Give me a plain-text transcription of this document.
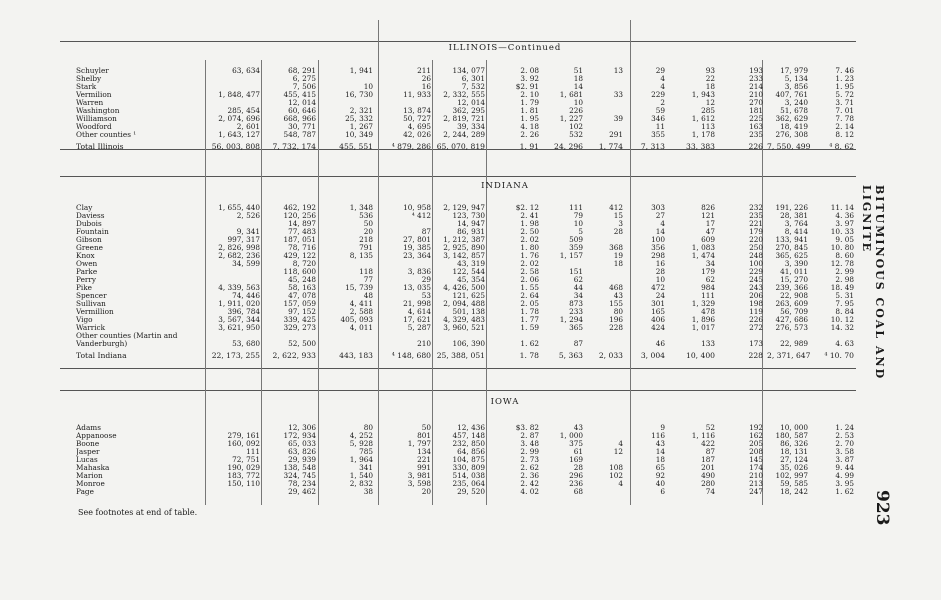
ILLINOIS—Continued
INDIANA
IOWA
Schuyler	63, 634	68, 291	1, 941	211	134, 077	2. 08	51	13	29	93	193	17, 979	7. 46
Shelby		6, 275		26	6, 301	3. 92	18		4	22	233	5, 134	1. 23
Stark		7, 506	10	16	7, 532	$2. 91	14		4	18	214	3, 856	1. 95
Vermilion	1, 848, 477	455, 415	16, 730	11, 933	2, 332, 555	2. 10	1, 681	33	229	1, 943	210	407, 761	5. 72
Warren		12, 014			12, 014	1. 79	10		2	12	270	3, 240	3. 71
Washington	285, 454	60, 646	2, 321	13, 874	362, 295	1. 81	226		59	285	181	51, 678	7. 01
Williamson	2, 074, 696	668, 966	25, 332	50, 727	2, 819, 721	1. 95	1, 227	39	346	1, 612	225	362, 629	7. 78
Woodford	2, 601	30, 771	1, 267	4, 695	39, 334	4. 18	102		11	113	163	18, 419	2. 14
Other counties ¹	1, 643, 127	548, 787	10, 349	42, 026	2, 244, 289	2. 26	532	291	355	1, 178	235	276, 308	8. 12
Total Illinois	56, 003, 808	7, 732, 174	455, 551	⁴ 879, 286	65, 070, 819	1. 91	24, 296	1, 774	7, 313	33, 383	226	7, 550, 499	⁴ 8. 62
Clay	1, 655, 440	462, 192	1, 348	10, 958	2, 129, 947	$2. 12	111	412	303	826	232	191, 226	11. 14
Daviess	2, 526	120, 256	536	⁴ 412	123, 730	2. 41	79	15	27	121	235	28, 381	4. 36
Dubois		14, 897	50		14, 947	1. 98	10	3	4	17	221	3, 764	3. 97
Fountain	9, 341	77, 483	20	87	86, 931	2. 50	5	28	14	47	179	8, 414	10. 33
Gibson	997, 317	187, 051	218	27, 801	1, 212, 387	2. 02	509		100	609	220	133, 941	9. 05
Greene	2, 826, 998	78, 716	791	19, 385	2, 925, 890	1. 80	359	368	356	1, 083	250	270, 845	10. 80
Knox	2, 682, 236	429, 122	8, 135	23, 364	3, 142, 857	1. 76	1, 157	19	298	1, 474	248	365, 625	8. 60
Owen	34, 599	8, 720			43, 319	2. 02		18	16	34	100	3, 390	12. 78
Parke		118, 600	118	3, 836	122, 544	2. 58	151		28	179	229	41, 011	2. 99
Perry		45, 248	77	29	45, 354	2. 06	62		10	62	245	15, 270	2. 98
Pike	4, 339, 563	58, 163	15, 739	13, 035	4, 426, 500	1. 55	44	468	472	984	243	239, 366	18. 49
Spencer	74, 446	47, 078	48	53	121, 625	2. 64	34	43	24	111	206	22, 908	5. 31
Sullivan	1, 911, 020	157, 059	4, 411	21, 998	2, 094, 488	2. 05	873	155	301	1, 329	198	263, 609	7. 95
Vermillion	396, 784	97, 152	2, 588	4, 614	501, 138	1. 78	233	80	165	478	119	56, 709	8. 84
Vigo	3, 567, 344	339, 425	405, 093	17, 621	4, 329, 483	1. 77	1, 294	196	406	1, 896	226	427, 686	10. 12
Warrick	3, 621, 950	329, 273	4, 011	5, 287	3, 960, 521	1. 59	365	228	424	1, 017	272	276, 573	14. 32
Other counties (Martin and													
Vanderburgh)	53, 680	52, 500		210	106, 390	1. 62	87		46	133	173	22, 989	4. 63
Total Indiana	22, 173, 255	2, 622, 933	443, 183	⁴ 148, 680	25, 388, 051	1. 78	5, 363	2, 033	3, 004	10, 400	228	2, 371, 647	⁴ 10. 70
Adams		12, 306	80	50	12, 436	$3. 82	43		9	52	192	10, 000	1. 24
Appanoose	279, 161	172, 934	4, 252	801	457, 148	2. 87	1, 000		116	1, 116	162	180, 587	2. 53
Boone	160, 092	65, 033	5, 928	1, 797	232, 850	3. 48	375	4	43	422	205	86, 326	2. 70
Jasper	111	63, 826	785	134	64, 856	2. 99	61	12	14	87	208	18, 131	3. 58
Lucas	72, 751	29, 939	1, 964	221	104, 875	2. 73	169		18	187	145	27, 124	3. 87
Mahaska	190, 029	138, 548	341	991	330, 809	2. 62	28	108	65	201	174	35, 026	9. 44
Marion	183, 772	324, 745	1, 540	3, 981	514, 038	2. 36	296	102	92	490	210	102, 997	4. 99
Monroe	150, 110	78, 234	2, 832	3, 598	235, 064	2. 42	236	4	40	280	213	59, 585	3. 95
Page		29, 462	38	20	29, 520	4. 02	68		6	74	247	18, 242	1. 62
See footnotes at end of table.
BITUMINOUS COAL AND LIGNITE
923
